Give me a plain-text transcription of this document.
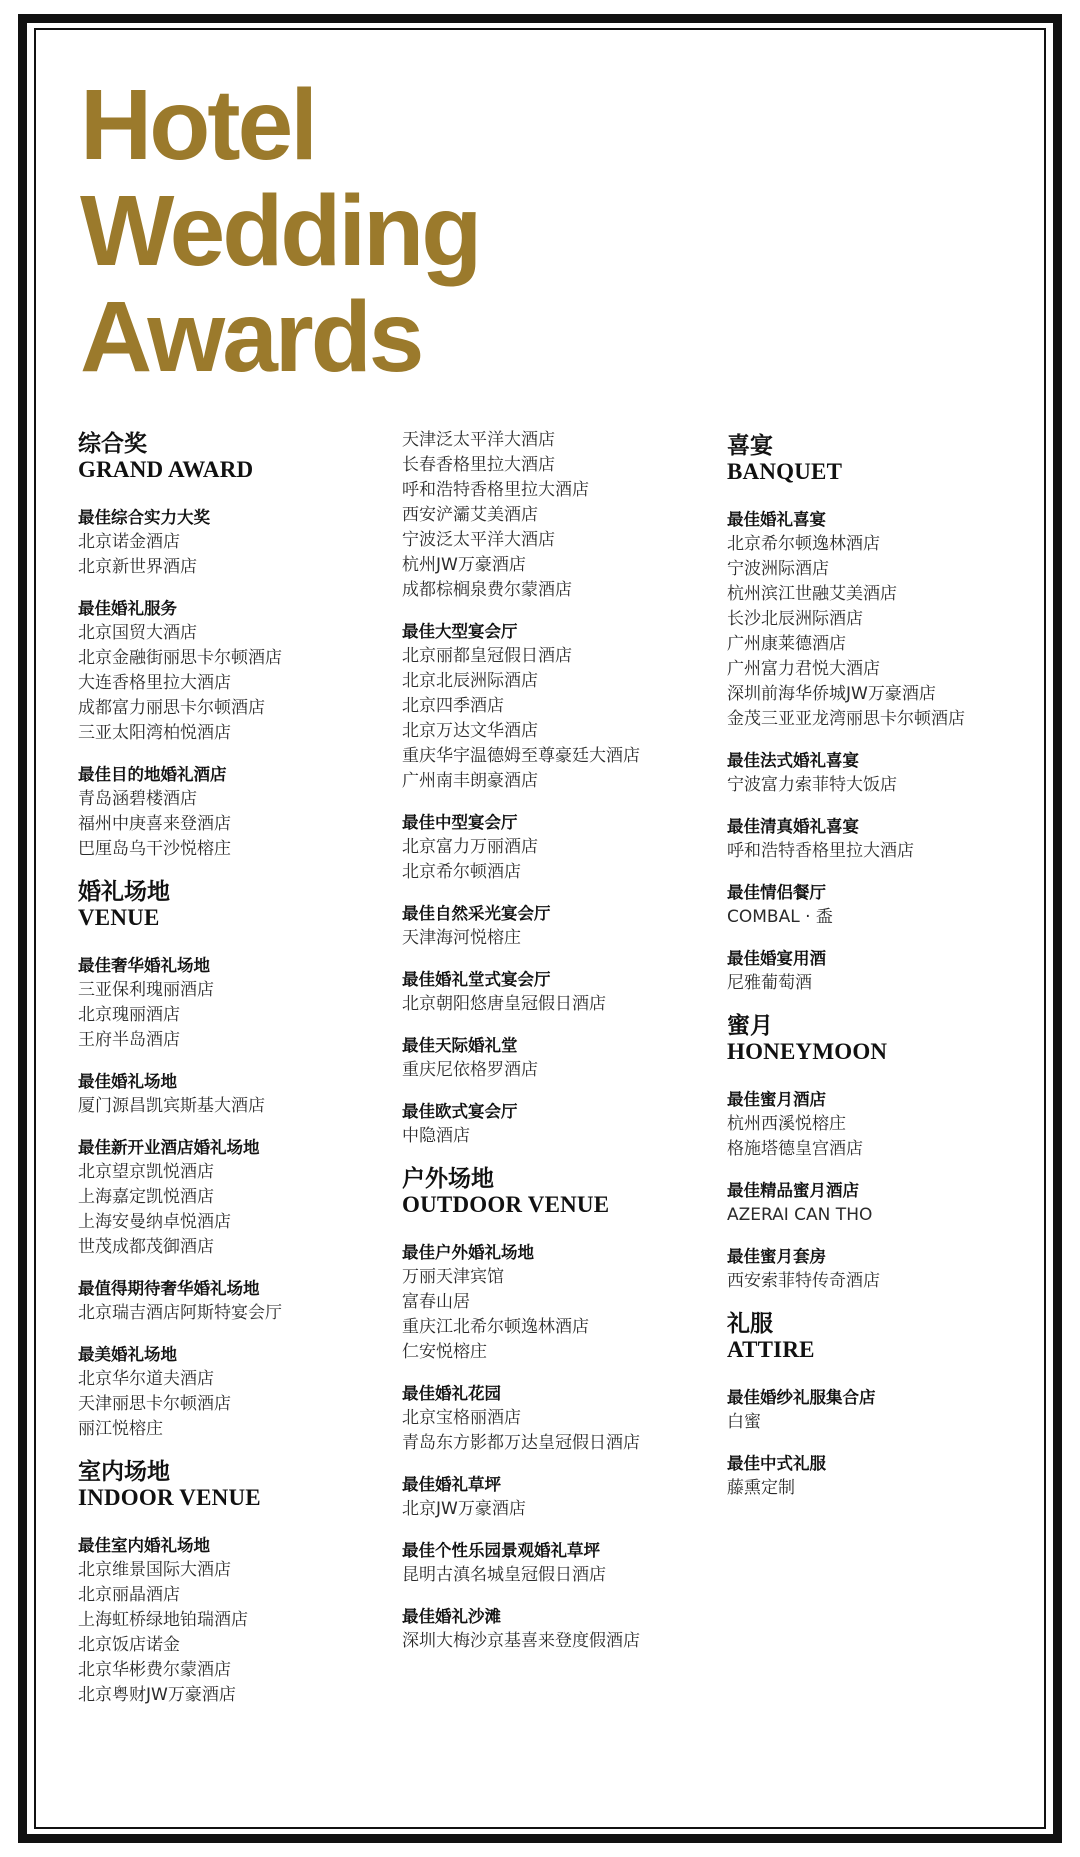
Hotel
Wedding
Awards
综合奖
GRAND AWARD
最佳综合实力大奖
北京诺金酒店
北京新世界酒店
最佳婚礼服务
北京国贸大酒店
北京金融街丽思卡尔顿酒店
大连香格里拉大酒店
成都富力丽思卡尔顿酒店
三亚太阳湾柏悦酒店
最佳目的地婚礼酒店
青岛涵碧楼酒店
福州中庚喜来登酒店
巴厘岛乌干沙悦榕庄
婚礼场地
VENUE
最佳奢华婚礼场地
三亚保利瑰丽酒店
北京瑰丽酒店
王府半岛酒店
最佳婚礼场地
厦门源昌凯宾斯基大酒店
最佳新开业酒店婚礼场地
北京望京凯悦酒店
上海嘉定凯悦酒店
上海安曼纳卓悦酒店
世茂成都茂御酒店
最值得期待奢华婚礼场地
北京瑞吉酒店阿斯特宴会厅
最美婚礼场地
北京华尔道夫酒店
天津丽思卡尔顿酒店
丽江悦榕庄
室内场地
INDOOR VENUE
最佳室内婚礼场地
北京维景国际大酒店
北京丽晶酒店
上海虹桥绿地铂瑞酒店
北京饭店诺金
北京华彬费尔蒙酒店
北京粤财JW万豪酒店
天津泛太平洋大酒店
长春香格里拉大酒店
呼和浩特香格里拉大酒店
西安浐灞艾美酒店
宁波泛太平洋大酒店
杭州JW万豪酒店
成都棕榈泉费尔蒙酒店
最佳大型宴会厅
北京丽都皇冠假日酒店
北京北辰洲际酒店
北京四季酒店
北京万达文华酒店
重庆华宇温德姆至尊豪廷大酒店
广州南丰朗豪酒店
最佳中型宴会厅
北京富力万丽酒店
北京希尔顿酒店
最佳自然采光宴会厅
天津海河悦榕庄
最佳婚礼堂式宴会厅
北京朝阳悠唐皇冠假日酒店
最佳天际婚礼堂
重庆尼依格罗酒店
最佳欧式宴会厅
中隐酒店
户外场地
OUTDOOR VENUE
最佳户外婚礼场地
万丽天津宾馆
富春山居
重庆江北希尔顿逸林酒店
仁安悦榕庄
最佳婚礼花园
北京宝格丽酒店
青岛东方影都万达皇冠假日酒店
最佳婚礼草坪
北京JW万豪酒店
最佳个性乐园景观婚礼草坪
昆明古滇名城皇冠假日酒店
最佳婚礼沙滩
深圳大梅沙京基喜来登度假酒店
喜宴
BANQUET
最佳婚礼喜宴
北京希尔顿逸林酒店
宁波洲际酒店
杭州滨江世融艾美酒店
长沙北辰洲际酒店
广州康莱德酒店
广州富力君悦大酒店
深圳前海华侨城JW万豪酒店
金茂三亚亚龙湾丽思卡尔顿酒店
最佳法式婚礼喜宴
宁波富力索菲特大饭店
最佳清真婚礼喜宴
呼和浩特香格里拉大酒店
最佳情侣餐厅
COMBAL · 盉
最佳婚宴用酒
尼雅葡萄酒
蜜月
HONEYMOON
最佳蜜月酒店
杭州西溪悦榕庄
格施塔德皇宫酒店
最佳精品蜜月酒店
AZERAI CAN THO
最佳蜜月套房
西安索菲特传奇酒店
礼服
ATTIRE
最佳婚纱礼服集合店
白蜜
最佳中式礼服
藤熏定制
